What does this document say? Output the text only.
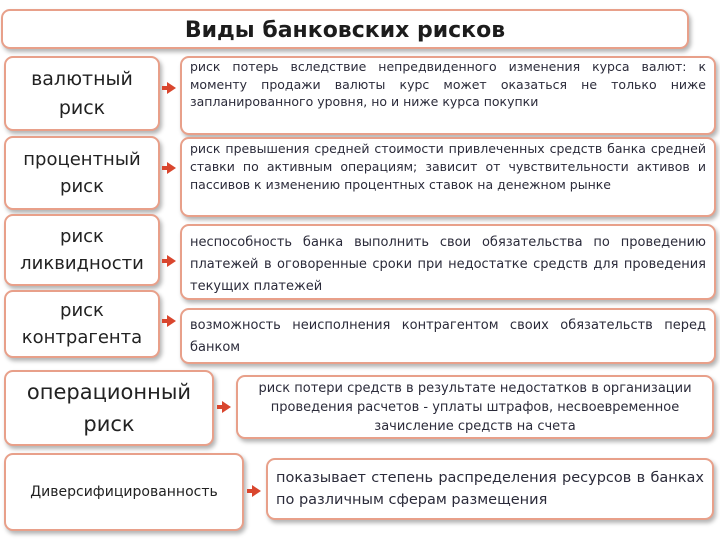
Виды банковских рисков
валютный
риск
риск потерь вследствие непредвиденного изменения курса валют: к моменту продажи валюты курс может оказаться не только ниже запланированного уровня, но и ниже курса покупки
процентный
риск
риск превышения средней стоимости привлеченных средств банка средней ставки по активным операциям; зависит от чувствительности активов и пассивов к изменению процентных ставок на денежном рынке
риск
ликвидности
неспособность банка выполнить свои обязательства по проведению платежей в оговоренные сроки при недостатке средств для проведения текущих платежей
риск
контрагента
возможность неисполнения контрагентом своих обязательств перед банком
операционный
риск
риск потери средств в результате недостатков в организации проведения расчетов - уплаты штрафов, несвоевременное зачисление средств на счета
Диверсифицированность
показывает степень распределения ресурсов в банках по различным сферам размещения
